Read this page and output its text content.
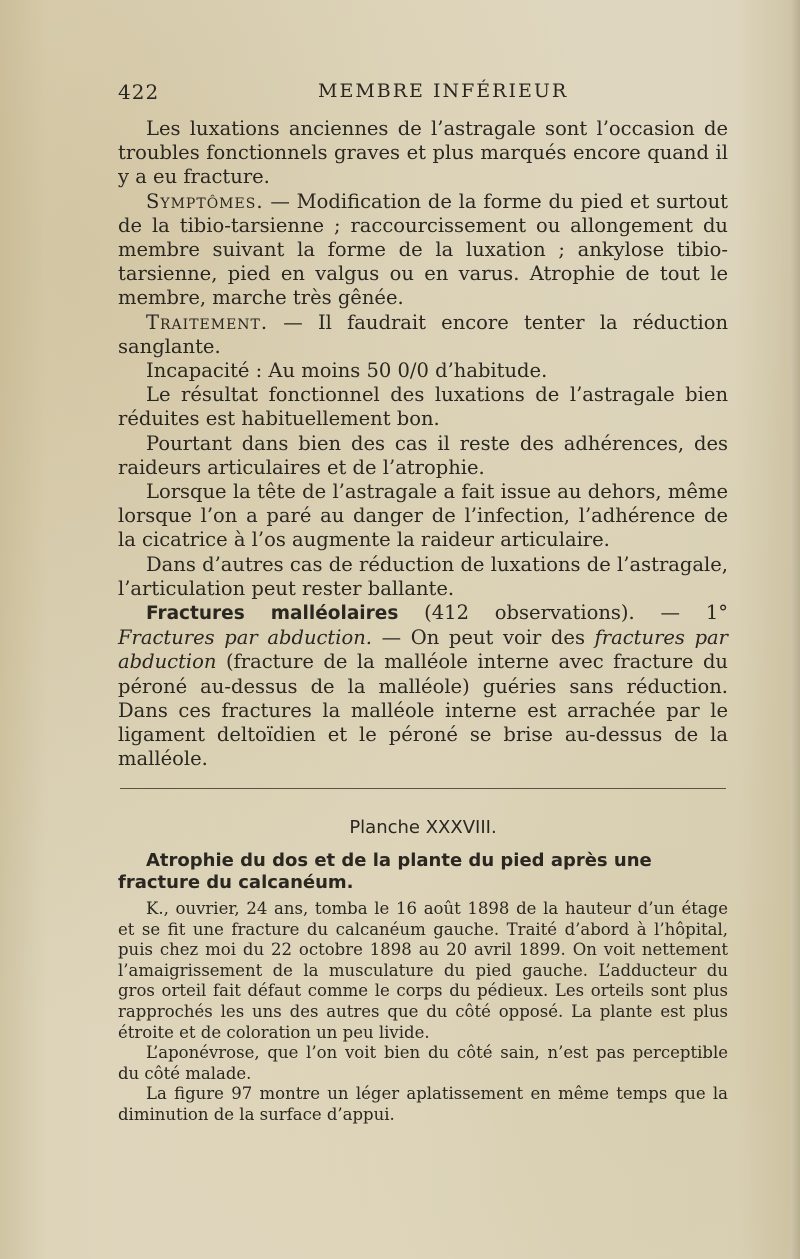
422	MEMBRE INFÉRIEUR

Les luxations anciennes de l’astragale sont l’occasion de troubles fonctionnels graves et plus marqués encore quand il y a eu fracture.

Symptômes. — Modification de la forme du pied et surtout de la tibio-tarsienne ; raccourcissement ou allongement du membre suivant la forme de la luxation ; ankylose tibio-tarsienne, pied en valgus ou en varus. Atrophie de tout le membre, marche très gênée.

Traitement. — Il faudrait encore tenter la réduction sanglante.

Incapacité : Au moins 50 0/0 d’habitude.

Le résultat fonctionnel des luxations de l’astragale bien réduites est habituellement bon.

Pourtant dans bien des cas il reste des adhérences, des raideurs articulaires et de l’atrophie.

Lorsque la tête de l’astragale a fait issue au dehors, même lorsque l’on a paré au danger de l’infection, l’adhérence de la cicatrice à l’os augmente la raideur articulaire.

Dans d’autres cas de réduction de luxations de l’astragale, l’articulation peut rester ballante.

Fractures malléolaires (412 observations). — 1° Fractures par abduction. — On peut voir des fractures par abduction (fracture de la malléole interne avec fracture du péroné au-dessus de la malléole) guéries sans réduction. Dans ces fractures la malléole interne est arrachée par le ligament deltoïdien et le péroné se brise au-dessus de la malléole.

Planche XXXVIII.
Atrophie du dos et de la plante du pied après une fracture du calcanéum.

K., ouvrier, 24 ans, tomba le 16 août 1898 de la hauteur d’un étage et se fit une fracture du calcanéum gauche. Traité d’abord à l’hôpital, puis chez moi du 22 octobre 1898 au 20 avril 1899. On voit nettement l’amaigrissement de la musculature du pied gauche. L’adducteur du gros orteil fait défaut comme le corps du pédieux. Les orteils sont plus rapprochés les uns des autres que du côté opposé. La plante est plus étroite et de coloration un peu livide.

L’aponévrose, que l’on voit bien du côté sain, n’est pas perceptible du côté malade.

La figure 97 montre un léger aplatissement en même temps que la diminution de la surface d’appui.
